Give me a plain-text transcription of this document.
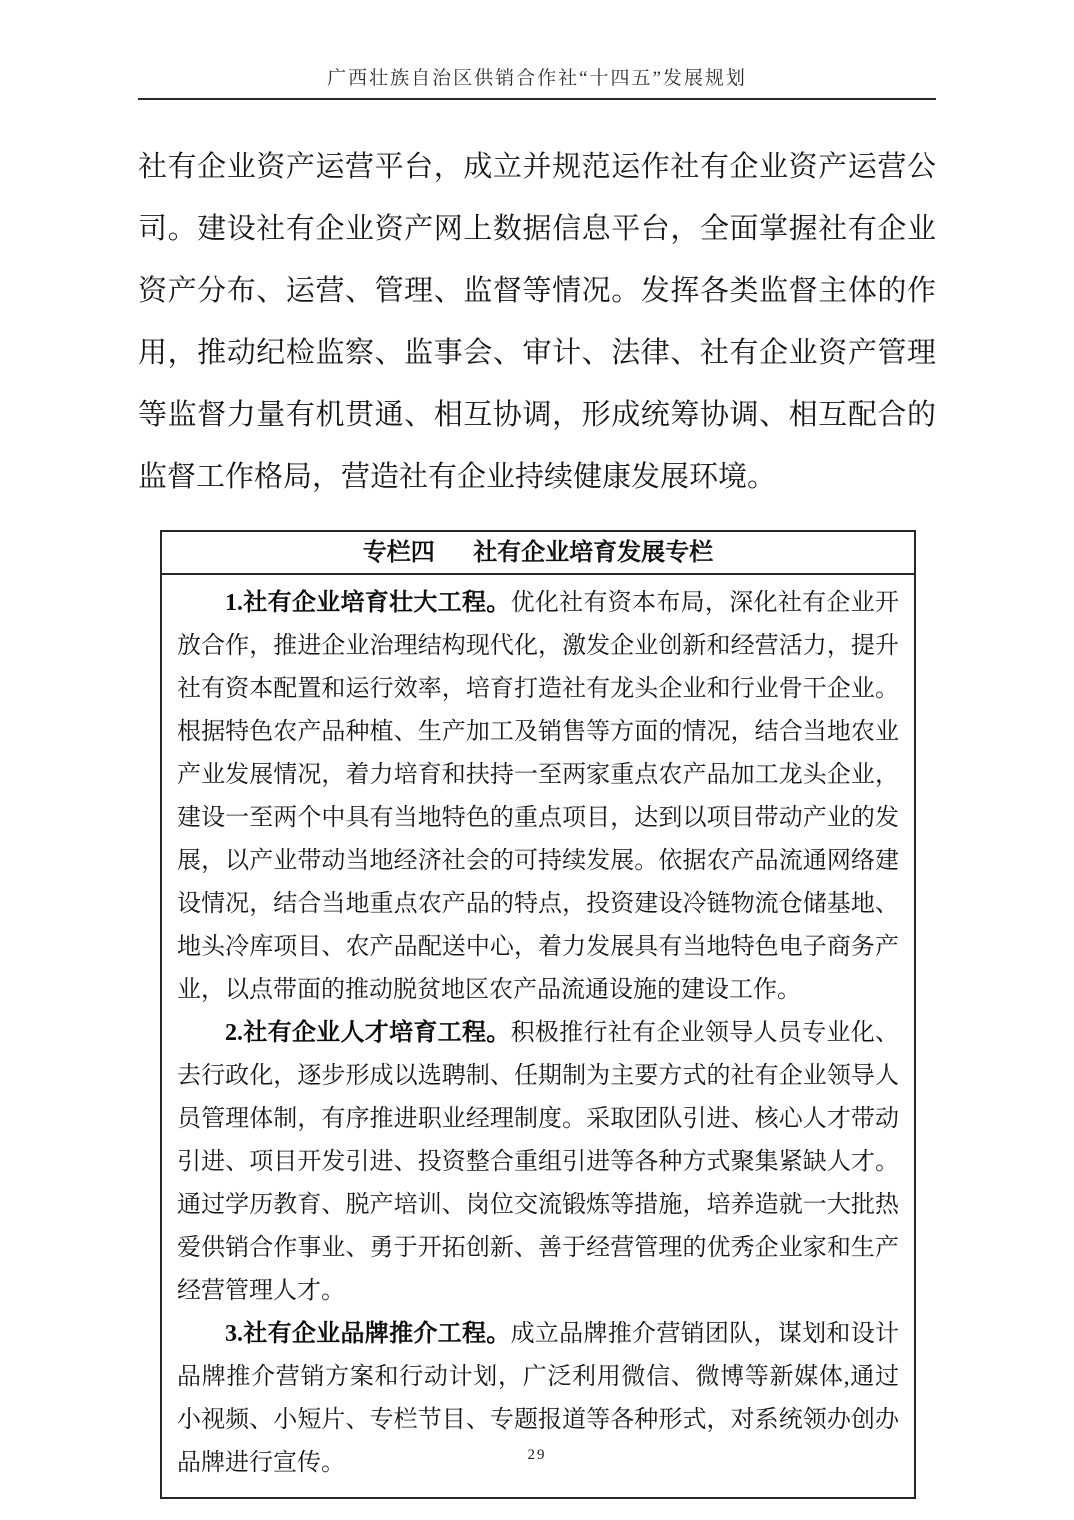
广西壮族自治区供销合作社“十四五”发展规划

社有企业资产运营平台，成立并规范运作社有企业资产运营公司。建设社有企业资产网上数据信息平台，全面掌握社有企业资产分布、运营、管理、监督等情况。发挥各类监督主体的作用，推动纪检监察、监事会、审计、法律、社有企业资产管理等监督力量有机贯通、相互协调，形成统筹协调、相互配合的监督工作格局，营造社有企业持续健康发展环境。

专栏四 社有企业培育发展专栏

1.社有企业培育壮大工程。优化社有资本布局，深化社有企业开放合作，推进企业治理结构现代化，激发企业创新和经营活力，提升社有资本配置和运行效率，培育打造社有龙头企业和行业骨干企业。根据特色农产品种植、生产加工及销售等方面的情况，结合当地农业产业发展情况，着力培育和扶持一至两家重点农产品加工龙头企业，建设一至两个中具有当地特色的重点项目，达到以项目带动产业的发展，以产业带动当地经济社会的可持续发展。依据农产品流通网络建设情况，结合当地重点农产品的特点，投资建设冷链物流仓储基地、地头冷库项目、农产品配送中心，着力发展具有当地特色电子商务产业，以点带面的推动脱贫地区农产品流通设施的建设工作。

2.社有企业人才培育工程。积极推行社有企业领导人员专业化、去行政化，逐步形成以选聘制、任期制为主要方式的社有企业领导人员管理体制，有序推进职业经理制度。采取团队引进、核心人才带动引进、项目开发引进、投资整合重组引进等各种方式聚集紧缺人才。通过学历教育、脱产培训、岗位交流锻炼等措施，培养造就一大批热爱供销合作事业、勇于开拓创新、善于经营管理的优秀企业家和生产经营管理人才。

3.社有企业品牌推介工程。成立品牌推介营销团队，谋划和设计品牌推介营销方案和行动计划，广泛利用微信、微博等新媒体,通过小视频、小短片、专栏节目、专题报道等各种形式，对系统领办创办品牌进行宣传。	29
